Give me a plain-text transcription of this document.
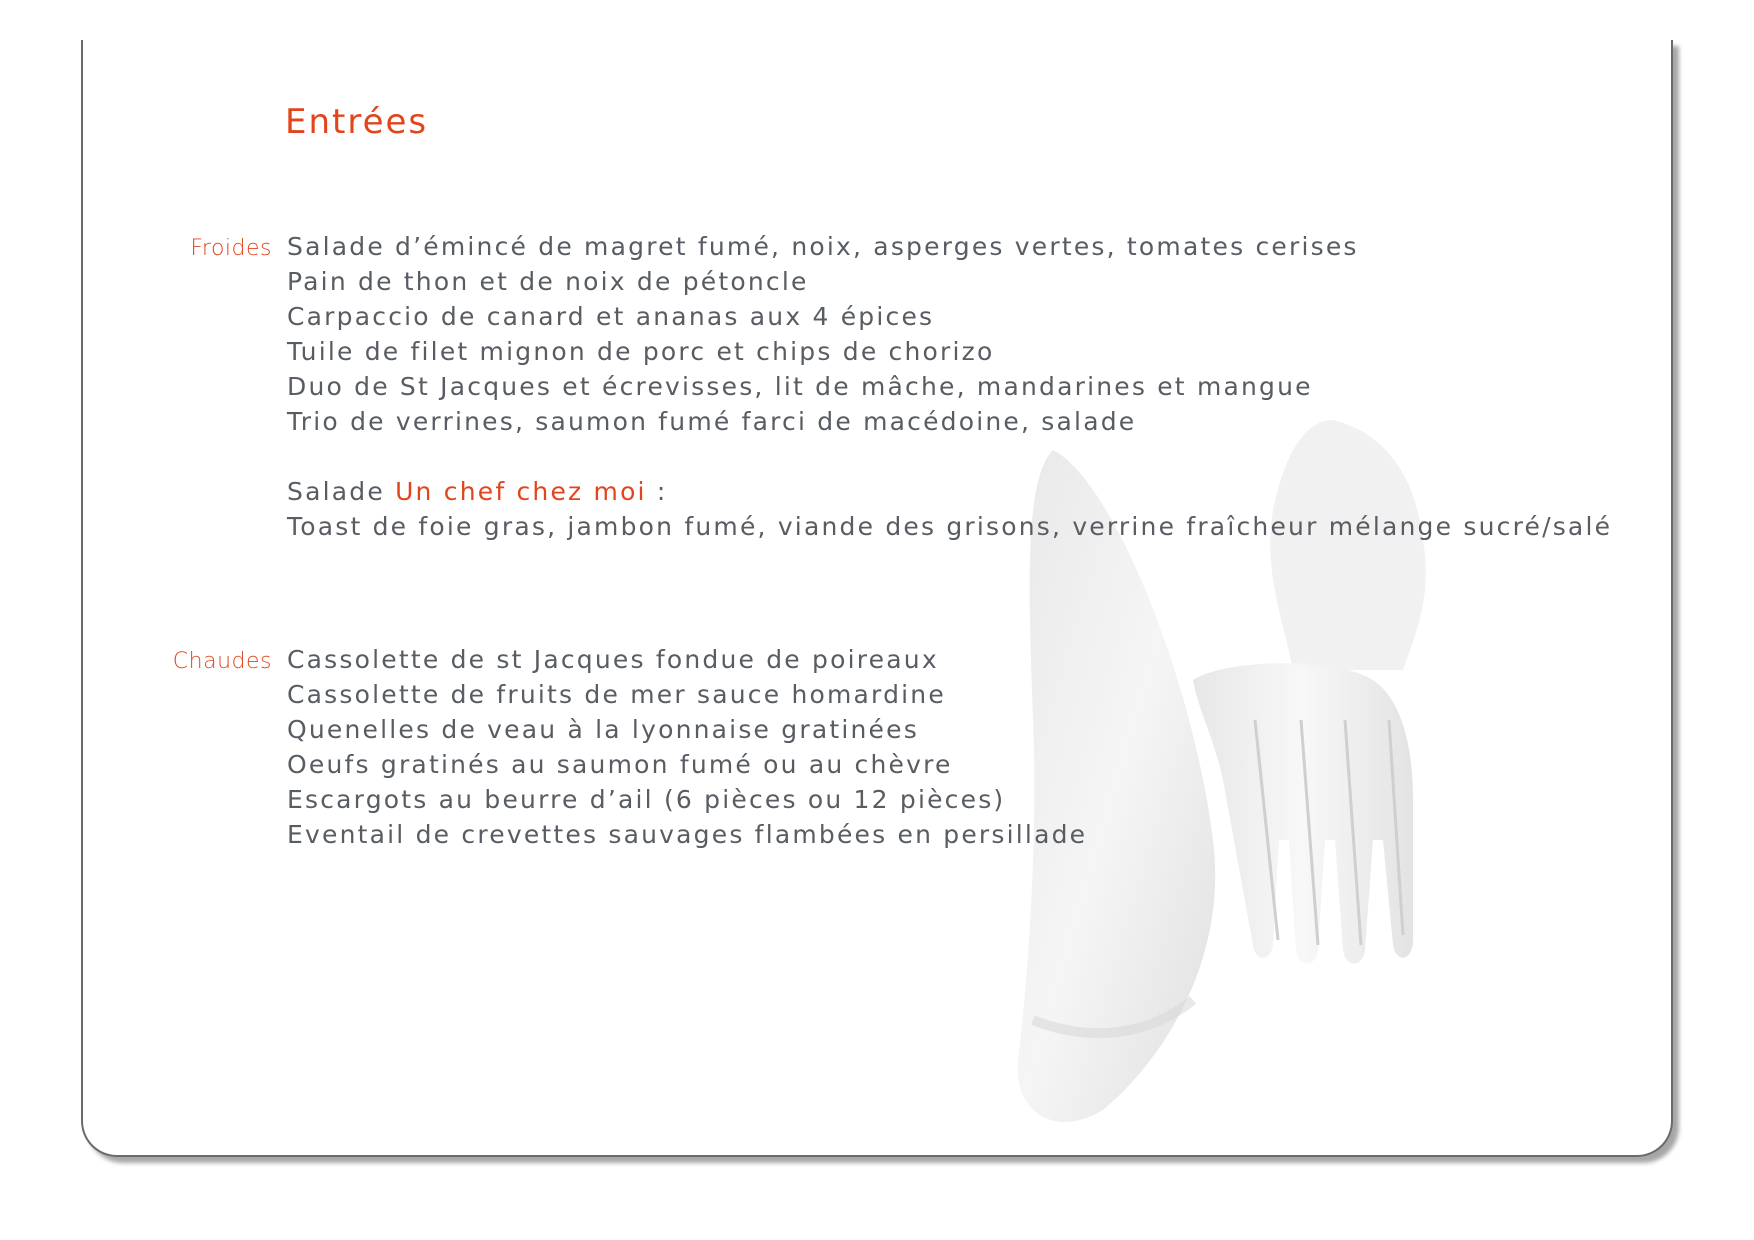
Entrées
Froides Salade d’émincé de magret fumé, noix, asperges vertes, tomates cerises
Pain de thon et de noix de pétoncle
Carpaccio de canard et ananas aux 4 épices
Tuile de filet mignon de porc et chips de chorizo
Duo de St Jacques et écrevisses, lit de mâche, mandarines et mangue
Trio de verrines, saumon fumé farci de macédoine, salade
Salade Un chef chez moi :
Toast de foie gras, jambon fumé, viande des grisons, verrine fraîcheur mélange sucré/salé
Chaudes Cassolette de st Jacques fondue de poireaux
Cassolette de fruits de mer sauce homardine
Quenelles de veau à la lyonnaise gratinées
Oeufs gratinés au saumon fumé ou au chèvre
Escargots au beurre d’ail (6 pièces ou 12 pièces)
Eventail de crevettes sauvages flambées en persillade
